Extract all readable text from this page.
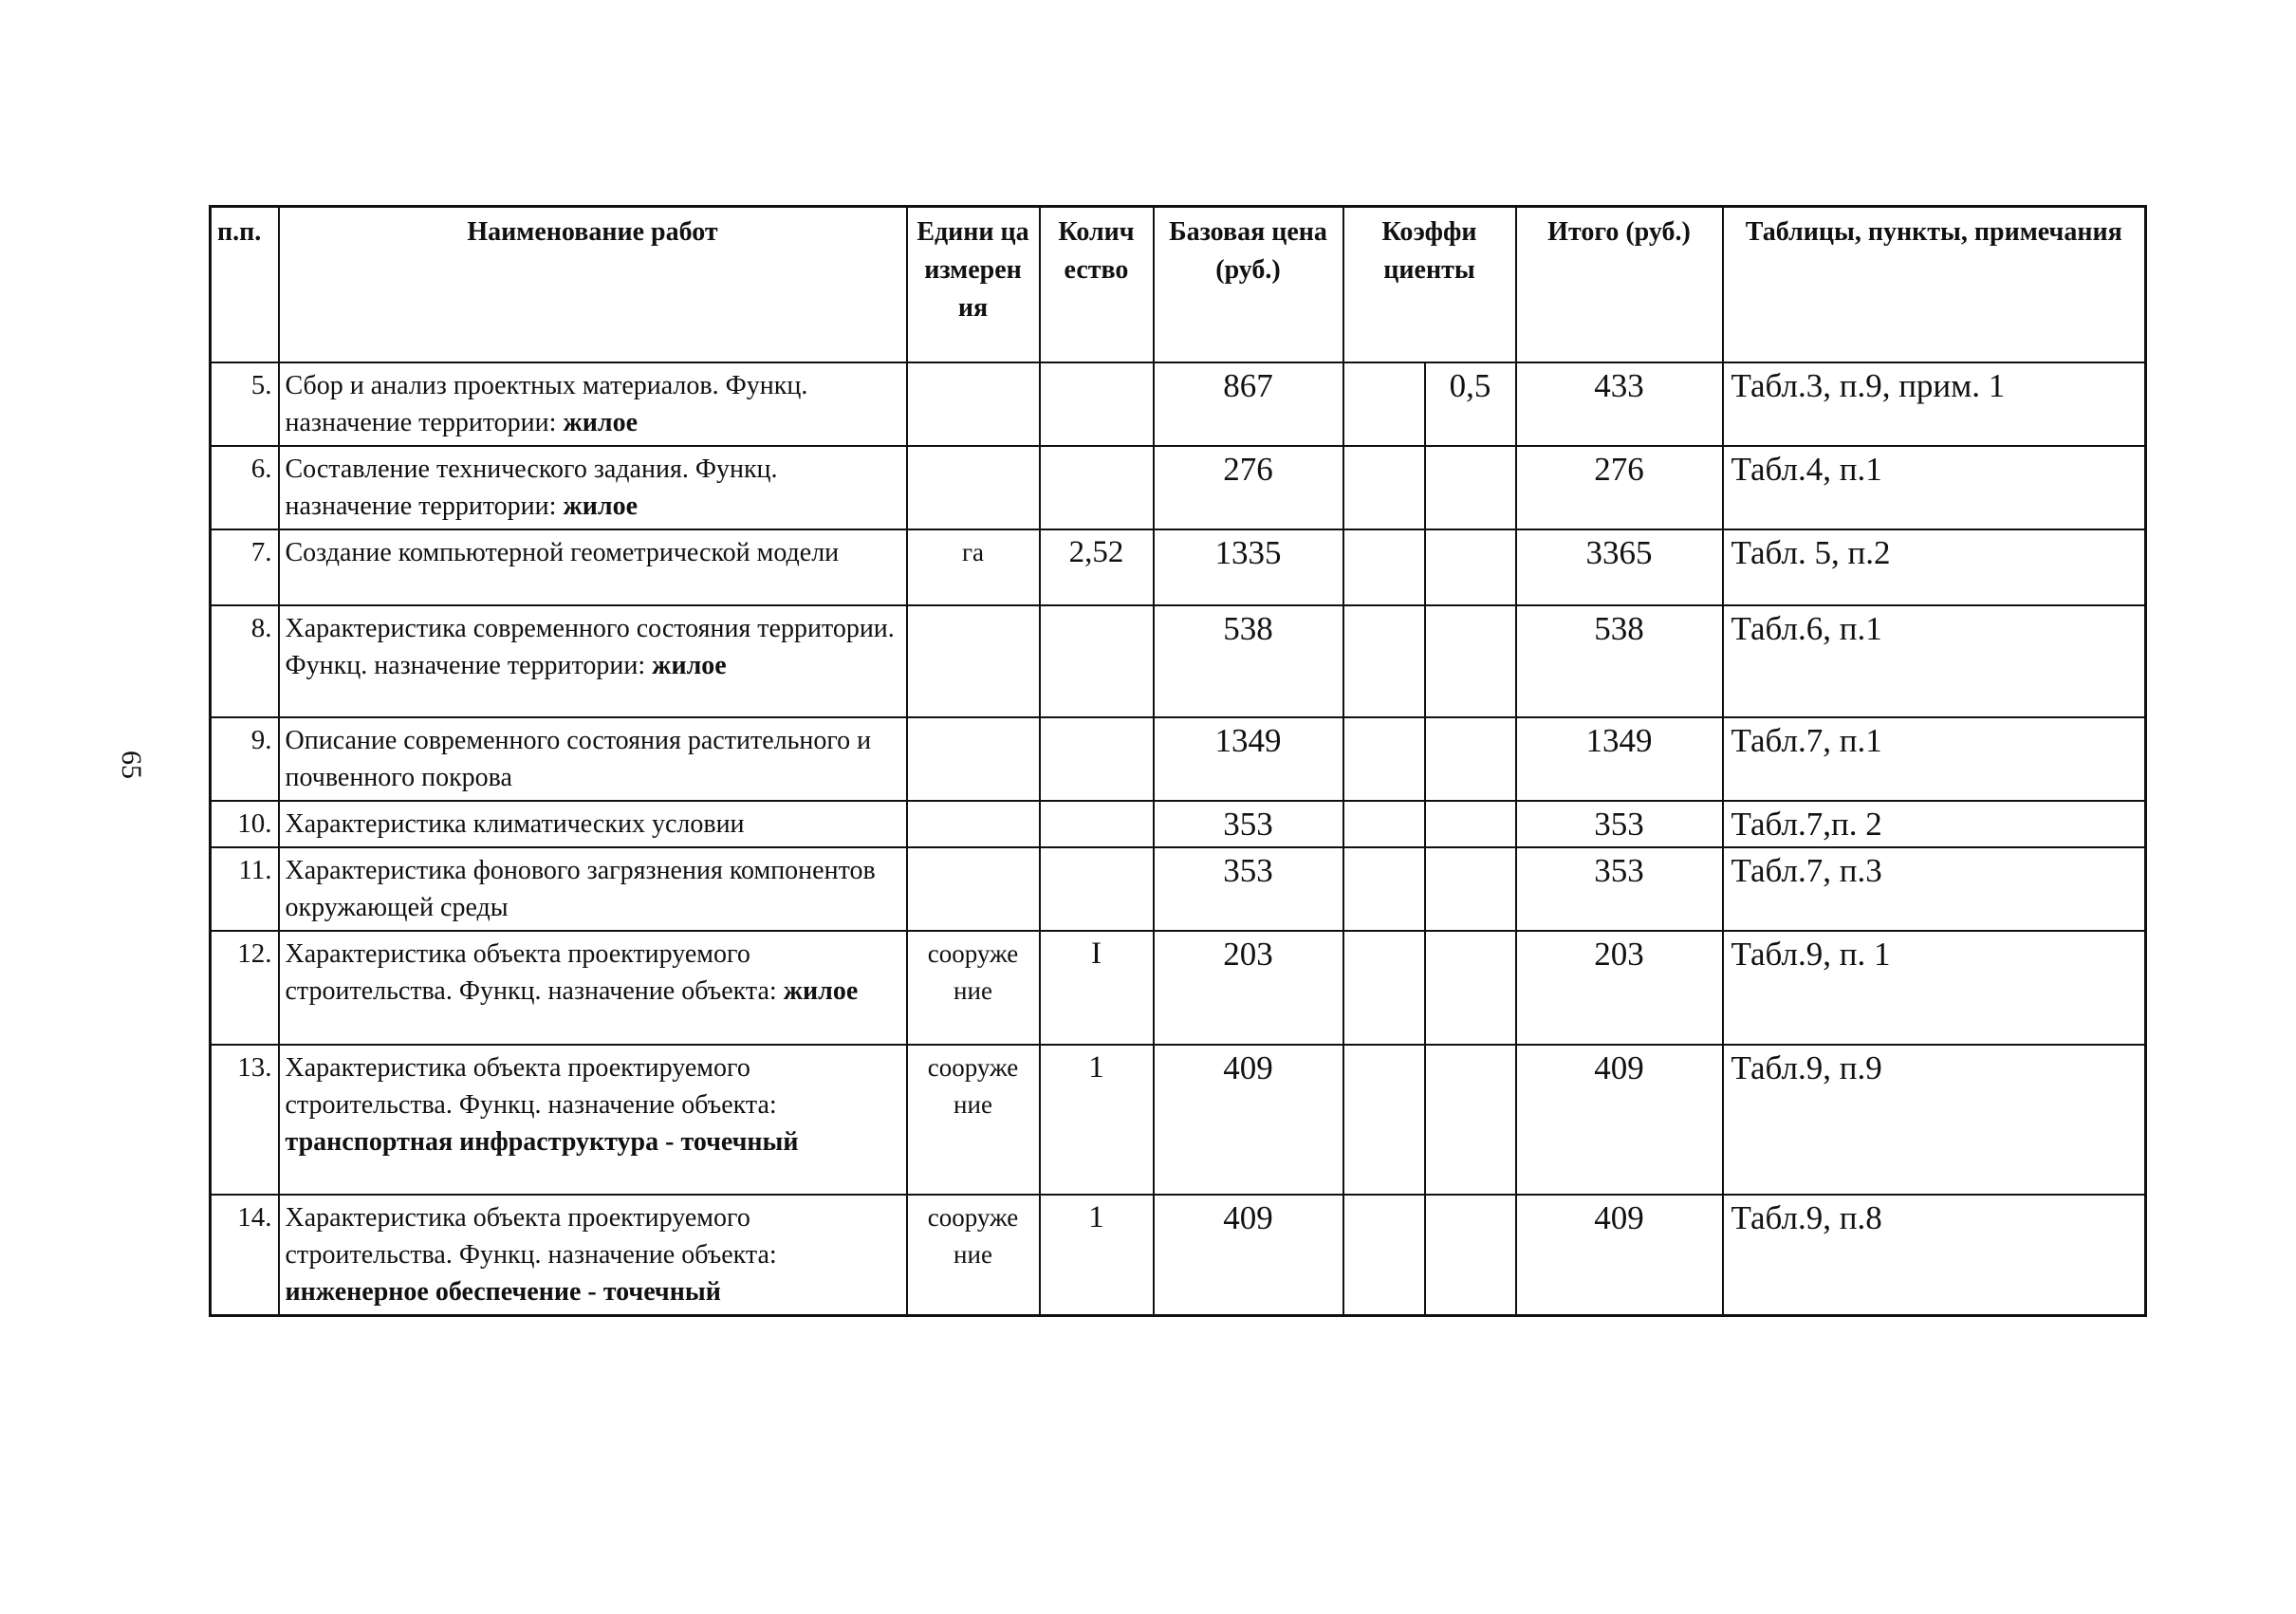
65
п.п.	Наименование работ	Едини ца измерен ия	Колич ество	Базовая цена (руб.)	Коэффи циенты		Итого (руб.)	Таблицы, пункты, примечания
5.	Сбор и анализ проектных материалов. Функц. назначение территории: жилое			867		0,5	433	Табл.3, п.9, прим. 1
6.	Составление технического задания. Функц. назначение территории: жилое			276			276	Табл.4, п.1
7.	Создание компьютерной геометрической модели	га	2,52	1335			3365	Табл. 5, п.2
8.	Характеристика современного состояния территории. Функц. назначение территории: жилое			538			538	Табл.6, п.1
9.	Описание современного состояния растительного и почвенного покрова			1349			1349	Табл.7, п.1
10.	Характеристика климатических условии			353			353	Табл.7,п. 2
11.	Характеристика фонового загрязнения компонентов окружающей среды			353			353	Табл.7, п.3
12.	Характеристика объекта проектируемого строительства. Функц. назначение объекта: жилое	сооруже ние	I	203			203	Табл.9, п. 1
13.	Характеристика объекта проектируемого строительства. Функц. назначение объекта: транспортная инфраструктура - точечный	сооруже ние	1	409			409	Табл.9, п.9
14.	Характеристика объекта проектируемого строительства. Функц. назначение объекта: инженерное обеспечение - точечный	сооруже ние	1	409			409	Табл.9, п.8
